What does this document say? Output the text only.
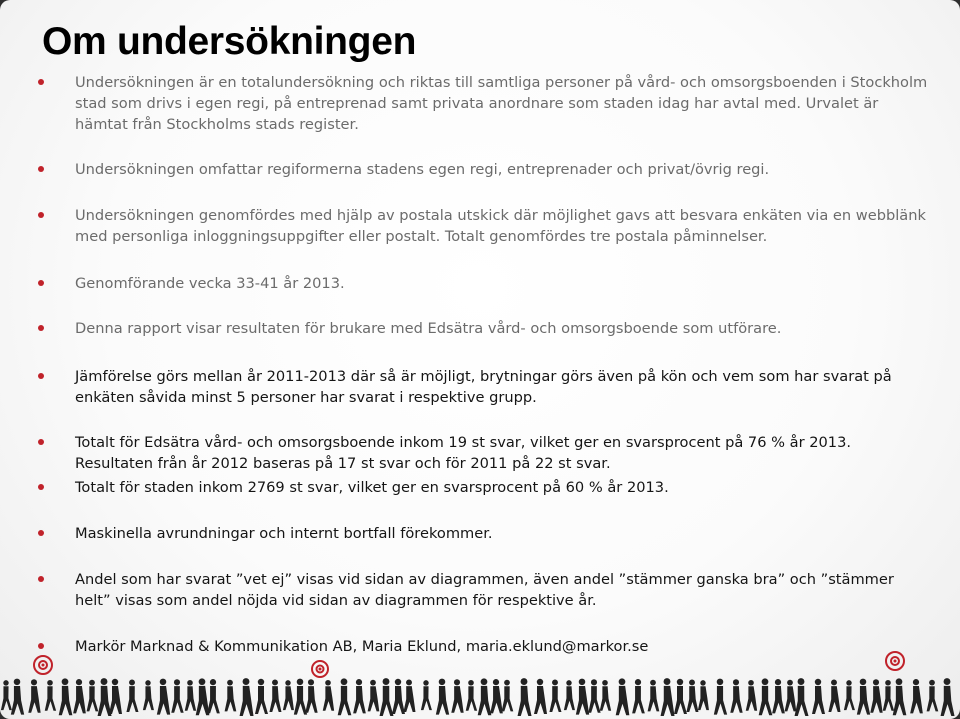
Om undersökningen
Undersökningen är en totalundersökning och riktas till samtliga personer på vård- och omsorgsboenden i Stockholm stad som drivs i egen regi, på entreprenad samt privata anordnare som staden idag har avtal med. Urvalet är hämtat från Stockholms stads register.
Undersökningen omfattar regiformerna stadens egen regi, entreprenader och privat/övrig regi.
Undersökningen genomfördes med hjälp av postala utskick där möjlighet gavs att besvara enkäten via en webblänk med personliga inloggningsuppgifter eller postalt. Totalt genomfördes tre postala påminnelser.
Genomförande vecka 33-41 år 2013.
Denna rapport visar resultaten för brukare med Edsätra vård- och omsorgsboende som utförare.
Jämförelse görs mellan år 2011-2013 där så är möjligt, brytningar görs även på kön och vem som har svarat på enkäten såvida minst 5 personer har svarat i respektive grupp.
Totalt för Edsätra vård- och omsorgsboende inkom 19 st svar, vilket ger en svarsprocent på 76 % år 2013. Resultaten från år 2012 baseras på 17 st svar och för 2011 på 22 st svar.
Totalt för staden inkom 2769 st svar, vilket ger en svarsprocent på 60 % år 2013.
Maskinella avrundningar och internt bortfall förekommer.
Andel som har svarat ”vet ej” visas vid sidan av diagrammen, även andel ”stämmer ganska bra” och ”stämmer helt” visas som andel nöjda vid sidan av diagrammen för respektive år.
Markör Marknad & Kommunikation AB, Maria Eklund, maria.eklund@markor.se
